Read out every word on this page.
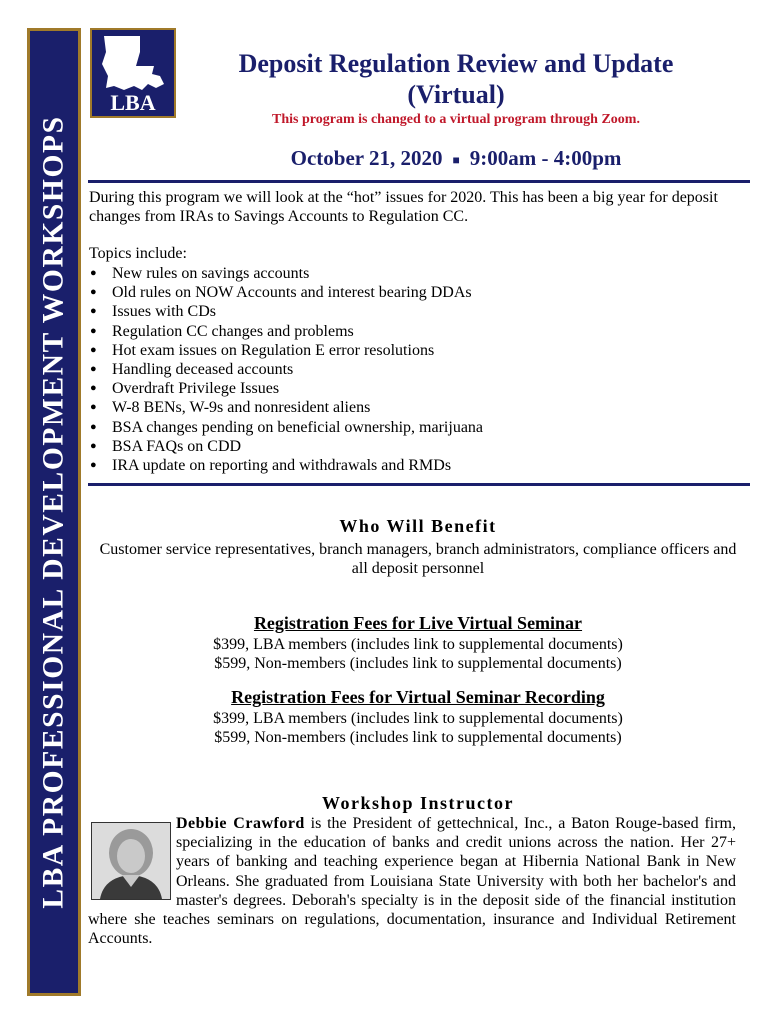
LBA PROFESSIONAL DEVELOPMENT WORKSHOPS
LBA
Deposit Regulation Review and Update
(Virtual)
This program is changed to a virtual program through Zoom.
October 21, 2020 ■ 9:00am - 4:00pm
During this program we will look at the “hot” issues for 2020. This has been a big year for deposit changes from IRAs to Savings Accounts to Regulation CC.
Topics include:
● New rules on savings accounts
● Old rules on NOW Accounts and interest bearing DDAs
● Issues with CDs
● Regulation CC changes and problems
● Hot exam issues on Regulation E error resolutions
● Handling deceased accounts
● Overdraft Privilege Issues
● W-8 BENs, W-9s and nonresident aliens
● BSA changes pending on beneficial ownership, marijuana
● BSA FAQs on CDD
● IRA update on reporting and withdrawals and RMDs
Who Will Benefit
Customer service representatives, branch managers, branch administrators, compliance officers and all deposit personnel
Registration Fees for Live Virtual Seminar
$399, LBA members (includes link to supplemental documents)
$599, Non-members (includes link to supplemental documents)
Registration Fees for Virtual Seminar Recording
$399, LBA members (includes link to supplemental documents)
$599, Non-members (includes link to supplemental documents)
Workshop Instructor
Debbie Crawford is the President of gettechnical, Inc., a Baton Rouge-based firm, specializing in the education of banks and credit unions across the nation. Her 27+ years of banking and teaching experience began at Hibernia National Bank in New Orleans. She graduated from Louisiana State University with both her bachelor's and master's degrees. Deborah's specialty is in the deposit side of the financial institution where she teaches seminars on regulations, documentation, insurance and Individual Retirement Accounts.
